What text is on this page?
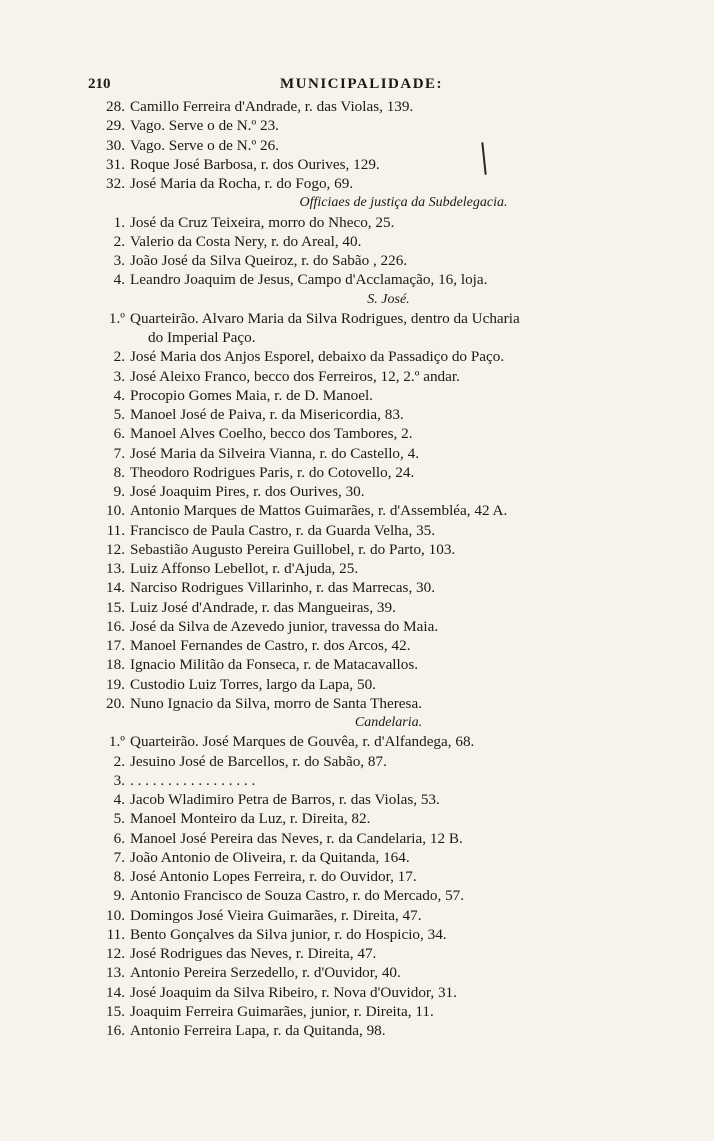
210	MUNICIPALIDADE:
28. Camillo Ferreira d'Andrade, r. das Violas, 139.
29. Vago. Serve o de N.º 23.
30. Vago. Serve o de N.º 26.
31. Roque José Barbosa, r. dos Ourives, 129.
32. José Maria da Rocha, r. do Fogo, 69.
Officiaes de justiça da Subdelegacia.
1. José da Cruz Teixeira, morro do Nheco, 25.
2. Valerio da Costa Nery, r. do Areal, 40.
3. João José da Silva Queiroz, r. do Sabão , 226.
4. Leandro Joaquim de Jesus, Campo d'Acclamação, 16, loja.
S. José.
1.º Quarteirão. Alvaro Maria da Silva Rodrigues, dentro da Ucharia
do Imperial Paço.
2. José Maria dos Anjos Esporel, debaixo da Passadiço do Paço.
3. José Aleixo Franco, becco dos Ferreiros, 12, 2.º andar.
4. Procopio Gomes Maia, r. de D. Manoel.
5. Manoel José de Paiva, r. da Misericordia, 83.
6. Manoel Alves Coelho, becco dos Tambores, 2.
7. José Maria da Silveira Vianna, r. do Castello, 4.
8. Theodoro Rodrigues Paris, r. do Cotovello, 24.
9. José Joaquim Pires, r. dos Ourives, 30.
10. Antonio Marques de Mattos Guimarães, r. d'Assembléa, 42 A.
11. Francisco de Paula Castro, r. da Guarda Velha, 35.
12. Sebastião Augusto Pereira Guillobel, r. do Parto, 103.
13. Luiz Affonso Lebellot, r. d'Ajuda, 25.
14. Narciso Rodrigues Villarinho, r. das Marrecas, 30.
15. Luiz José d'Andrade, r. das Mangueiras, 39.
16. José da Silva de Azevedo junior, travessa do Maia.
17. Manoel Fernandes de Castro, r. dos Arcos, 42.
18. Ignacio Militão da Fonseca, r. de Matacavallos.
19. Custodio Luiz Torres, largo da Lapa, 50.
20. Nuno Ignacio da Silva, morro de Santa Theresa.
Candelaria.
1.º Quarteirão. José Marques de Gouvêa, r. d'Alfandega, 68.
2. Jesuino José de Barcellos, r. do Sabão, 87.
3. . . . . . . . . . . . . . . . . .
4. Jacob Wladimiro Petra de Barros, r. das Violas, 53.
5. Manoel Monteiro da Luz, r. Direita, 82.
6. Manoel José Pereira das Neves, r. da Candelaria, 12 B.
7. João Antonio de Oliveira, r. da Quitanda, 164.
8. José Antonio Lopes Ferreira, r. do Ouvidor, 17.
9. Antonio Francisco de Souza Castro, r. do Mercado, 57.
10. Domingos José Vieira Guimarães, r. Direita, 47.
11. Bento Gonçalves da Silva junior, r. do Hospicio, 34.
12. José Rodrigues das Neves, r. Direita, 47.
13. Antonio Pereira Serzedello, r. d'Ouvidor, 40.
14. José Joaquim da Silva Ribeiro, r. Nova d'Ouvidor, 31.
15. Joaquim Ferreira Guimarães, junior, r. Direita, 11.
16. Antonio Ferreira Lapa, r. da Quitanda, 98.
